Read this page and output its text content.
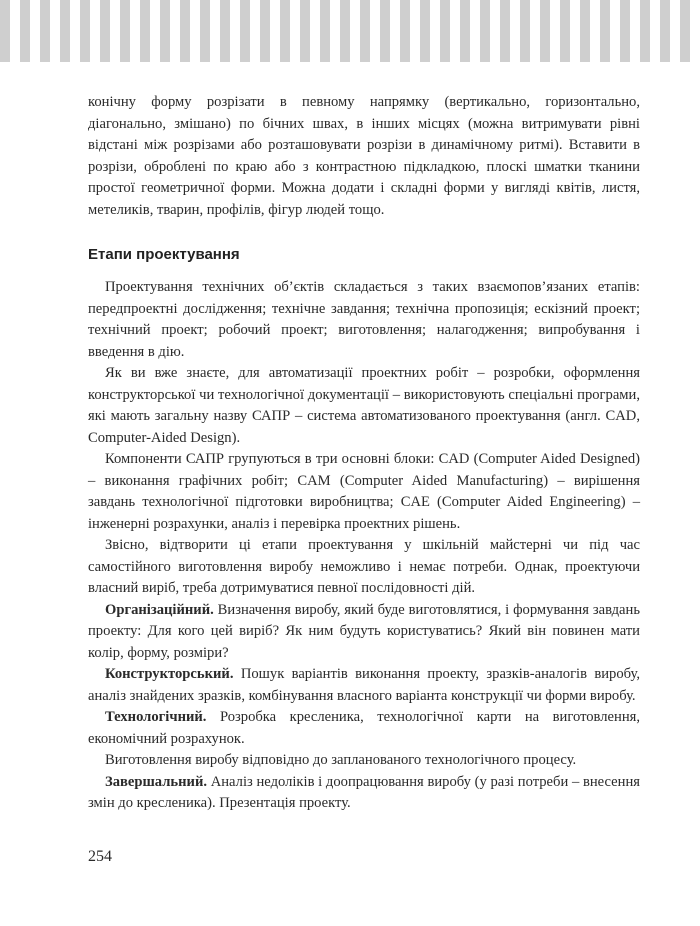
конічну форму розрізати в певному напрямку (вертикально, горизонтально, діагонально, змішано) по бічних швах, в інших місцях (можна витримувати рівні відстані між розрізами або розташовувати розрізи в динамічному ритмі). Вставити в розрізи, оброблені по краю або з контрастною підкладкою, плоскі шматки тканини простої геометричної форми. Можна додати і складні форми у вигляді квітів, листя, метеликів, тварин, профілів, фігур людей тощо.

Етапи проектування

Проектування технічних об’єктів складається з таких взаємопов’язаних етапів: передпроектні дослідження; технічне завдання; технічна пропозиція; ескізний проект; технічний проект; робочий проект; виготовлення; налагодження; випробування і введення в дію.

Як ви вже знаєте, для автоматизації проектних робіт – розробки, оформлення конструкторської чи технологічної документації – використовують спеціальні програми, які мають загальну назву САПР – система автоматизованого проектування (англ. CAD, Computer-Aided Design).

Компоненти САПР групуються в три основні блоки: CAD (Computer Aided Designed) – виконання графічних робіт; CAM (Computer Aided Manufacturing) – вирішення завдань технологічної підготовки виробництва; CAE (Computer Aided Engineering) – інженерні розрахунки, аналіз і перевірка проектних рішень.

Звісно, відтворити ці етапи проектування у шкільній майстерні чи під час самостійного виготовлення виробу неможливо і немає потреби. Однак, проектуючи власний виріб, треба дотримуватися певної послідовності дій.

Організаційний. Визначення виробу, який буде виготовлятися, і формування завдань проекту: Для кого цей виріб? Як ним будуть користуватись? Який він повинен мати колір, форму, розміри?

Конструкторський. Пошук варіантів виконання проекту, зразків-аналогів виробу, аналіз знайдених зразків, комбінування власного варіанта конструкції чи форми виробу.

Технологічний. Розробка кресленика, технологічної карти на виготовлення, економічний розрахунок.

Виготовлення виробу відповідно до запланованого технологічного процесу.

Завершальний. Аналіз недоліків і доопрацювання виробу (у разі потреби – внесення змін до кресленика). Презентація проекту.

254
